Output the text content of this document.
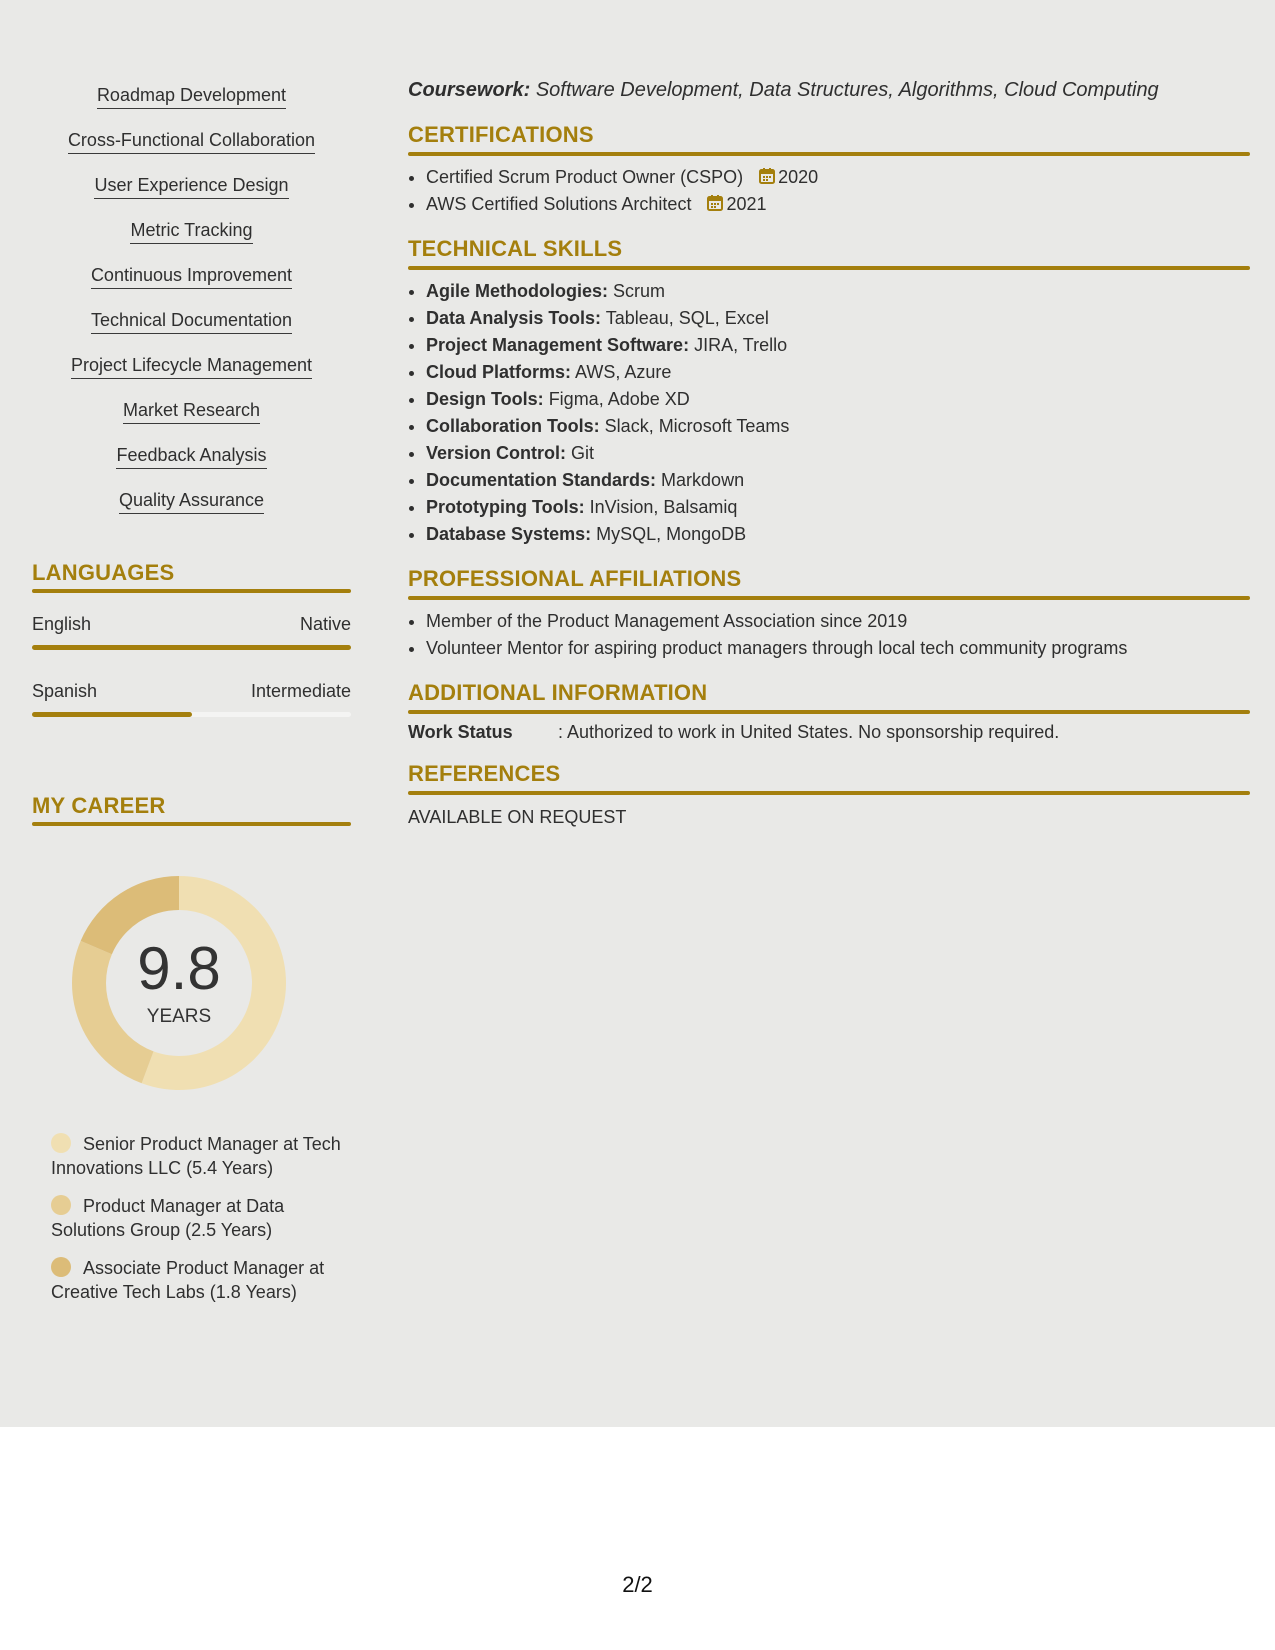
Roadmap Development
Cross-Functional Collaboration
User Experience Design
Metric Tracking
Continuous Improvement
Technical Documentation
Project Lifecycle Management
Market Research
Feedback Analysis
Quality Assurance
LANGUAGES
English	Native
Spanish	Intermediate
MY CAREER
9.8
YEARS
Senior Product Manager at Tech Innovations LLC (5.4 Years)
Product Manager at Data Solutions Group (2.5 Years)
Associate Product Manager at Creative Tech Labs (1.8 Years)
Coursework: Software Development, Data Structures, Algorithms, Cloud Computing
CERTIFICATIONS
• Certified Scrum Product Owner (CSPO) 2020
• AWS Certified Solutions Architect 2021
TECHNICAL SKILLS
• Agile Methodologies: Scrum
• Data Analysis Tools: Tableau, SQL, Excel
• Project Management Software: JIRA, Trello
• Cloud Platforms: AWS, Azure
• Design Tools: Figma, Adobe XD
• Collaboration Tools: Slack, Microsoft Teams
• Version Control: Git
• Documentation Standards: Markdown
• Prototyping Tools: InVision, Balsamiq
• Database Systems: MySQL, MongoDB
PROFESSIONAL AFFILIATIONS
• Member of the Product Management Association since 2019
• Volunteer Mentor for aspiring product managers through local tech community programs
ADDITIONAL INFORMATION
Work Status	: Authorized to work in United States. No sponsorship required.
REFERENCES
AVAILABLE ON REQUEST
2/2
